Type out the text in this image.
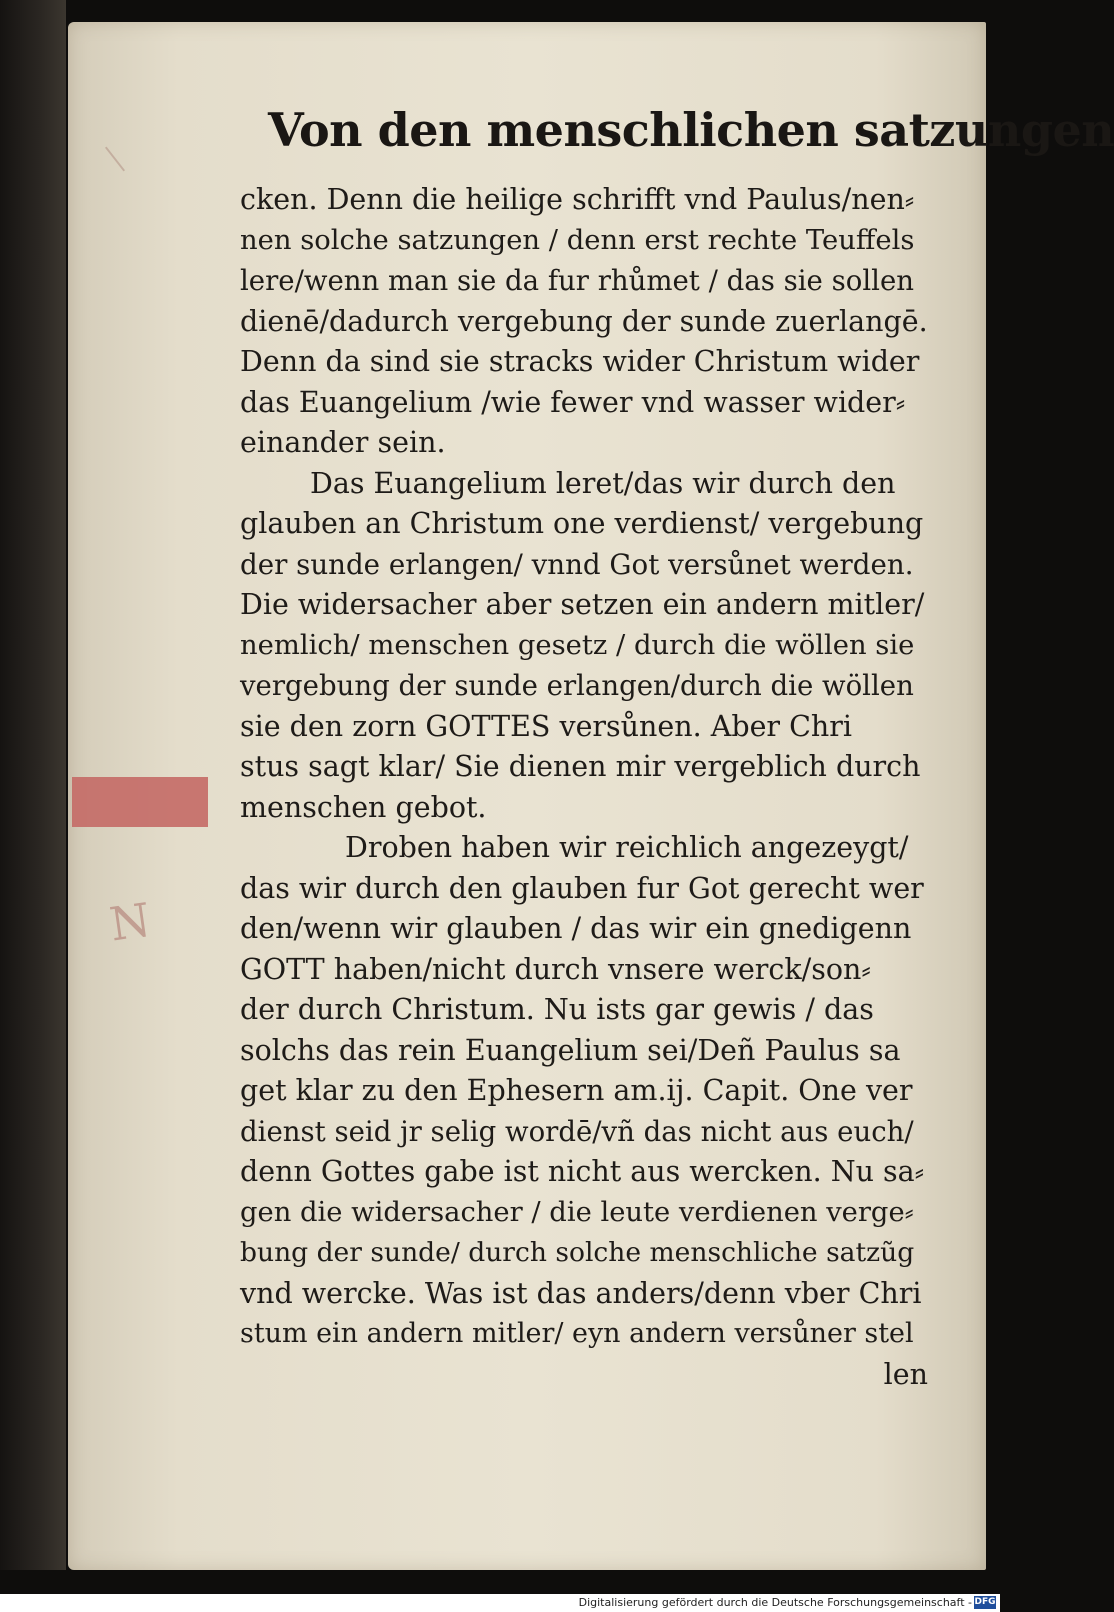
N
Von den menschlichen satzungen
cken. Denn die heilige schrifft vnd Paulus/nen⸗
nen solche satzungen / denn erst rechte Teuffels
lere/wenn man sie da fur rhůmet / das sie sollen
dienē/dadurch vergebung der sunde zuerlangē.
Denn da sind sie stracks wider Christum wider
das Euangelium /wie fewer vnd wasser wider⸗
einander sein.
Das Euangelium leret/das wir durch den
glauben an Christum one verdienst/ vergebung
der sunde erlangen/ vnnd Got versůnet werden.
Die widersacher aber setzen ein andern mitler/
nemlich/ menschen gesetz / durch die wöllen sie
vergebung der sunde erlangen/durch die wöllen
sie den zorn GOTTES versůnen. Aber Chri
stus sagt klar/ Sie dienen mir vergeblich durch
menschen gebot.
Droben haben wir reichlich angezeygt/
das wir durch den glauben fur Got gerecht wer
den/wenn wir glauben / das wir ein gnedigenn
GOTT haben/nicht durch vnsere werck/son⸗
der durch Christum. Nu ists gar gewis / das
solchs das rein Euangelium sei/Deñ Paulus sa
get klar zu den Ephesern am.ij. Capit. One ver
dienst seid jr selig wordē/vñ das nicht aus euch/
denn Gottes gabe ist nicht aus wercken. Nu sa⸗
gen die widersacher / die leute verdienen verge⸗
bung der sunde/ durch solche menschliche satzũg
vnd wercke. Was ist das anders/denn vber Chri
stum ein andern mitler/ eyn andern versůner stel
len
Digitalisierung gefördert durch die Deutsche Forschungsgemeinschaft - DFG
